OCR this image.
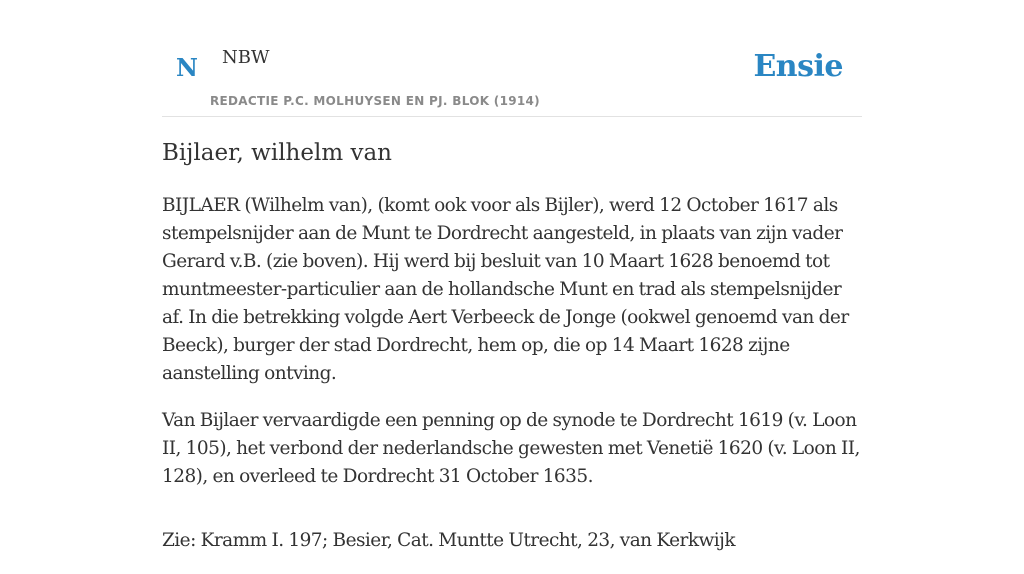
N NBW
REDACTIE P.C. MOLHUYSEN EN PJ. BLOK (1914)
Ensie
Bijlaer, wilhelm van

BIJLAER (Wilhelm van), (komt ook voor als Bijler), werd 12 October 1617 als stempelsnijder aan de Munt te Dordrecht aangesteld, in plaats van zijn vader Gerard v.B. (zie boven). Hij werd bij besluit van 10 Maart 1628 benoemd tot muntmeester-particulier aan de hollandsche Munt en trad als stempelsnijder af. In die betrekking volgde Aert Verbeeck de Jonge (ookwel genoemd van der Beeck), burger der stad Dordrecht, hem op, die op 14 Maart 1628 zijne aanstelling ontving.

Van Bijlaer vervaardigde een penning op de synode te Dordrecht 1619 (v. Loon II, 105), het verbond der nederlandsche gewesten met Venetië 1620 (v. Loon II, 128), en overleed te Dordrecht 31 October 1635.

Zie: Kramm I. 197; Besier, Cat. Muntte Utrecht, 23, van Kerkwijk
